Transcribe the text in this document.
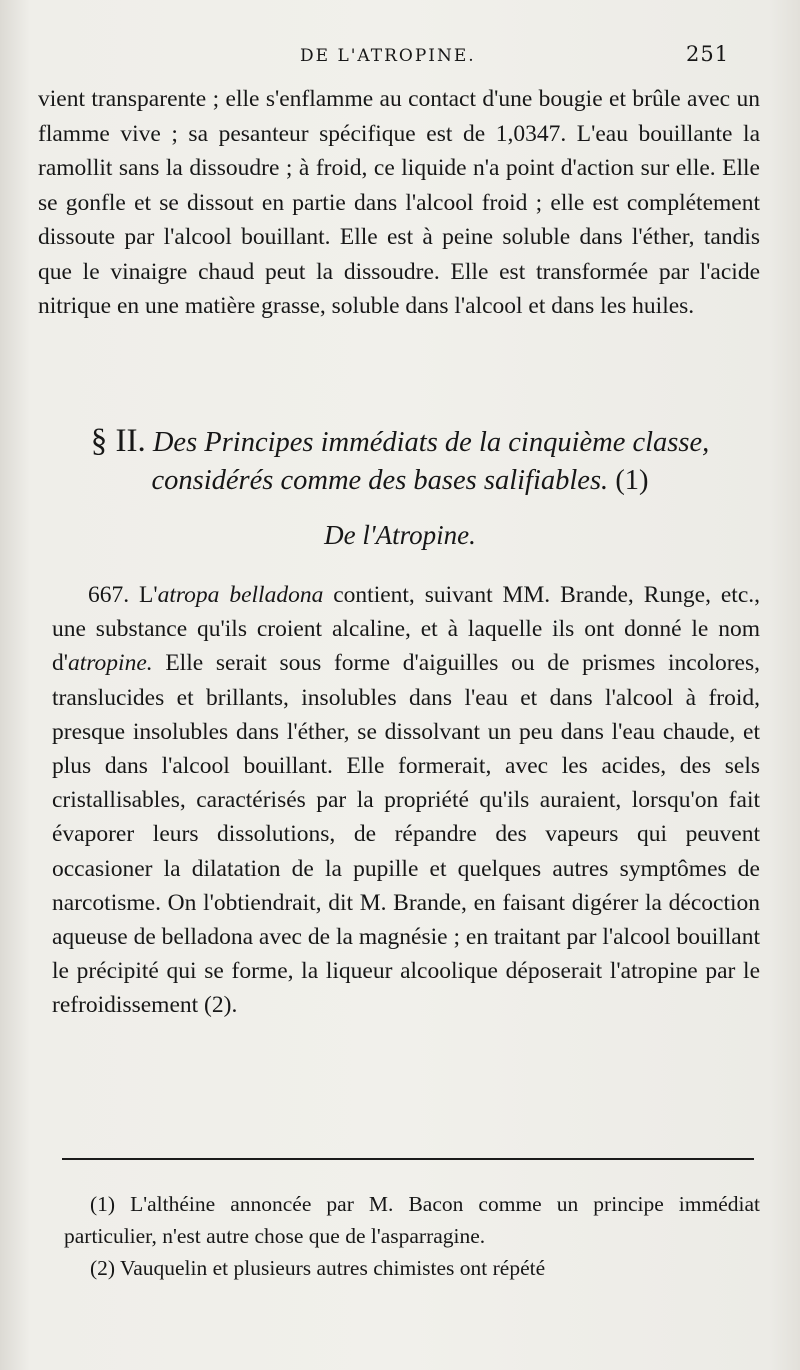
DE L'ATROPINE.	251

vient transparente ; elle s'enflamme au contact d'une bougie et brûle avec un flamme vive ; sa pesanteur spécifique est de 1,0347. L'eau bouillante la ramollit sans la dissoudre ; à froid, ce liquide n'a point d'action sur elle. Elle se gonfle et se dissout en partie dans l'alcool froid ; elle est complétement dissoute par l'alcool bouillant. Elle est à peine soluble dans l'éther, tandis que le vinaigre chaud peut la dissoudre. Elle est transformée par l'acide nitrique en une matière grasse, soluble dans l'alcool et dans les huiles.

§ II. Des Principes immédiats de la cinquième classe,
considérés comme des bases salifiables. (1)
De l'Atropine.
667. L'atropa belladona contient, suivant MM. Brande, Runge, etc., une substance qu'ils croient alcaline, et à laquelle ils ont donné le nom d'atropine. Elle serait sous forme d'aiguilles ou de prismes incolores, translucides et brillants, insolubles dans l'eau et dans l'alcool à froid, presque insolubles dans l'éther, se dissolvant un peu dans l'eau chaude, et plus dans l'alcool bouillant. Elle formerait, avec les acides, des sels cristallisables, caractérisés par la propriété qu'ils auraient, lorsqu'on fait évaporer leurs dissolutions, de répandre des vapeurs qui peuvent occasioner la dilatation de la pupille et quelques autres symptômes de narcotisme. On l'obtiendrait, dit M. Brande, en faisant digérer la décoction aqueuse de belladona avec de la magnésie ; en traitant par l'alcool bouillant le précipité qui se forme, la liqueur alcoolique déposerait l'atropine par le refroidissement (2).

(1) L'althéine annoncée par M. Bacon comme un principe immédiat particulier, n'est autre chose que de l'asparragine.

(2) Vauquelin et plusieurs autres chimistes ont répété
